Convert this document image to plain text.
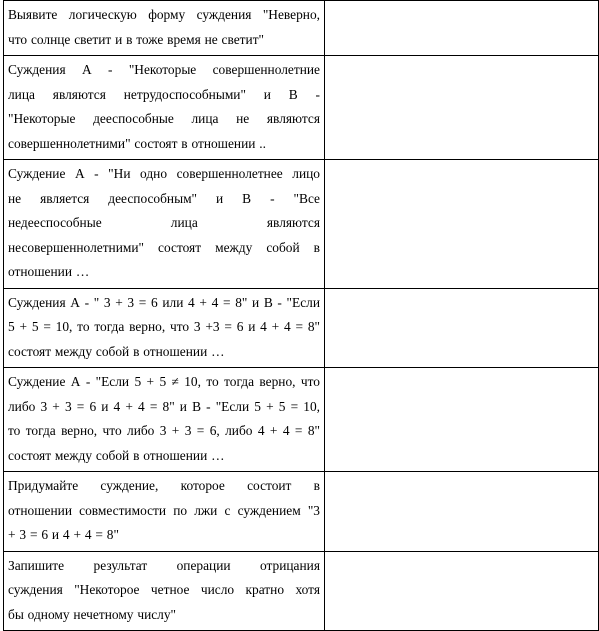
Выявите логическую форму суждения "Неверно,
что солнце светит и в тоже время не светит"	

Суждения А - "Некоторые совершеннолетние
лица являются нетрудоспособными" и В -
"Некоторые дееспособные лица не являются
совершеннолетними" состоят в отношении ..	

Суждение А - "Ни одно совершеннолетнее лицо
не является дееспособным" и В - "Все
недееспособные лица являются
несовершеннолетними" состоят между собой в
отношении …	

Суждения А - " 3 + 3 = 6 или 4 + 4 = 8" и В - "Если
5 + 5 = 10, то тогда верно, что 3 +3 = 6 и 4 + 4 = 8"
состоят между собой в отношении …	

Суждение А - "Если 5 + 5 ≠ 10, то тогда верно, что
либо 3 + 3 = 6 и 4 + 4 = 8" и В - "Если 5 + 5 = 10,
то тогда верно, что либо 3 + 3 = 6, либо 4 + 4 = 8"
состоят между собой в отношении …	

Придумайте суждение, которое состоит в
отношении совместимости по лжи с суждением "3
+ 3 = 6 и 4 + 4 = 8"	

Запишите результат операции отрицания
суждения "Некоторое четное число кратно хотя
бы одному нечетному числу"	
